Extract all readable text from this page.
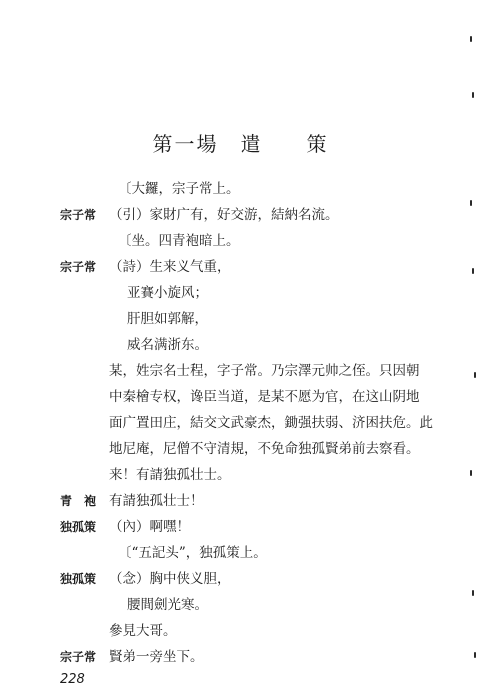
第一場　遣　　策
〔大鑼，宗子常上。
宗子常 （引）家財广有，好交游，結納名流。
〔坐。四青袍暗上。
宗子常 （詩）生来义气重，
亚賽小旋风；
肝胆如郭解，
威名满浙东。
某，姓宗名士程，字子常。乃宗澤元帅之侄。只因朝
中秦檜专权，谗臣当道，是某不愿为官，在这山阴地
面广置田庄，結交文武豪杰，鋤强扶弱、济困扶危。此
地尼庵，尼僧不守清規，不免命独孤賢弟前去察看。
来！有請独孤壮士。
青　袍 有請独孤壮士！
独孤策 （內）啊嘿！
〔“五記头”，独孤策上。
独孤策 （念）胸中侠义胆，
腰間劍光寒。
參見大哥。
宗子常 賢弟一旁坐下。
228
